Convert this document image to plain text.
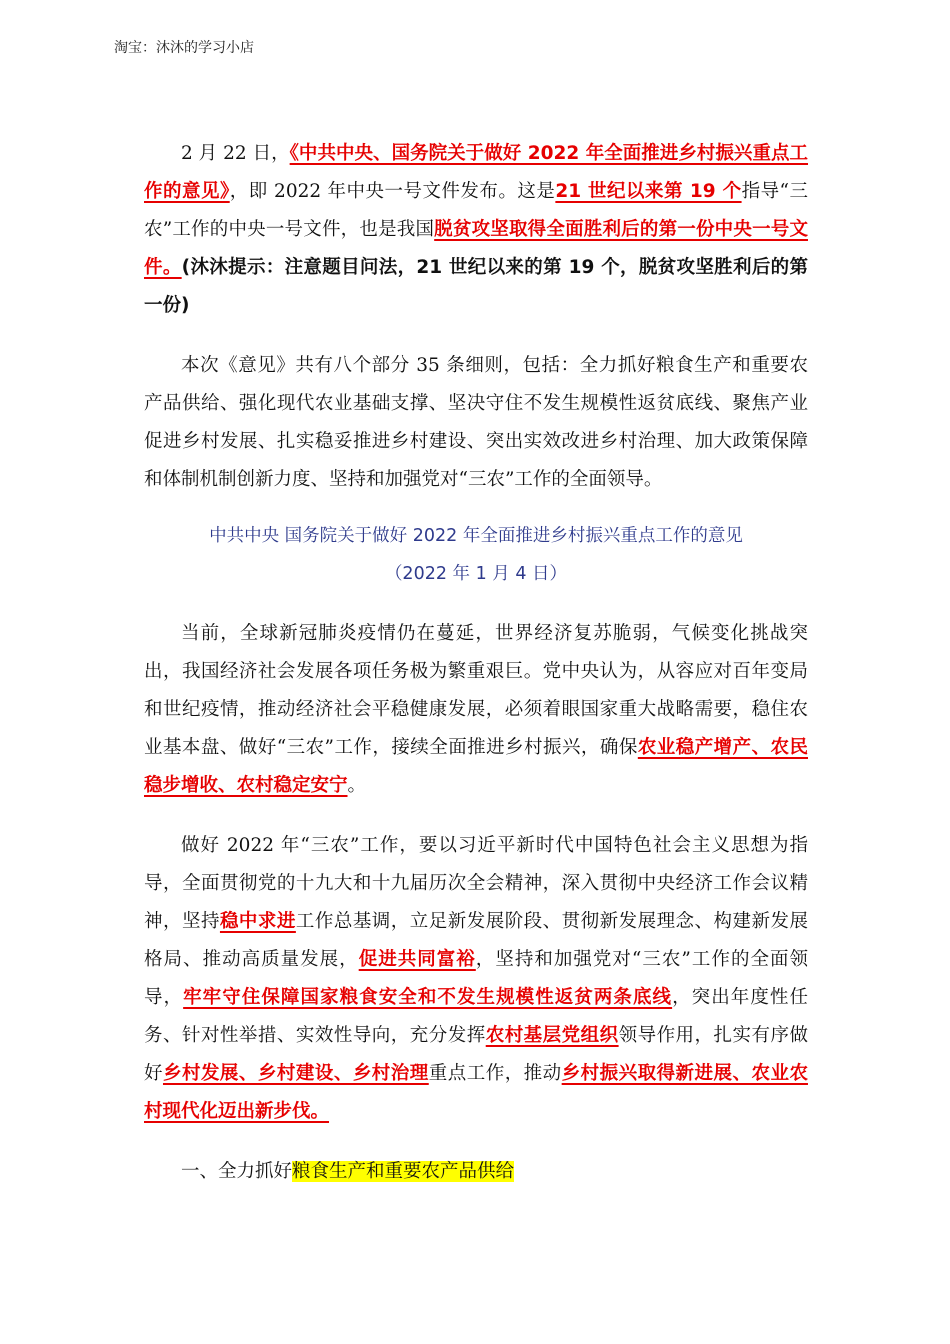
淘宝：沐沐的学习小店

2 月 22 日，《中共中央、国务院关于做好 2022 年全面推进乡村振兴重点工作的意见》，即 2022 年中央一号文件发布。这是21 世纪以来第 19 个指导“三农”工作的中央一号文件，也是我国脱贫攻坚取得全面胜利后的第一份中央一号文件。(沐沐提示：注意题目问法，21 世纪以来的第 19 个，脱贫攻坚胜利后的第一份)

本次《意见》共有八个部分 35 条细则，包括：全力抓好粮食生产和重要农产品供给、强化现代农业基础支撑、坚决守住不发生规模性返贫底线、聚焦产业促进乡村发展、扎实稳妥推进乡村建设、突出实效改进乡村治理、加大政策保障和体制机制创新力度、坚持和加强党对“三农”工作的全面领导。

中共中央 国务院关于做好 2022 年全面推进乡村振兴重点工作的意见

（2022 年 1 月 4 日）

当前，全球新冠肺炎疫情仍在蔓延，世界经济复苏脆弱，气候变化挑战突出，我国经济社会发展各项任务极为繁重艰巨。党中央认为，从容应对百年变局和世纪疫情，推动经济社会平稳健康发展，必须着眼国家重大战略需要，稳住农业基本盘、做好“三农”工作，接续全面推进乡村振兴，确保农业稳产增产、农民稳步增收、农村稳定安宁。

做好 2022 年“三农”工作，要以习近平新时代中国特色社会主义思想为指导，全面贯彻党的十九大和十九届历次全会精神，深入贯彻中央经济工作会议精神，坚持稳中求进工作总基调，立足新发展阶段、贯彻新发展理念、构建新发展格局、推动高质量发展，促进共同富裕，坚持和加强党对“三农”工作的全面领导，牢牢守住保障国家粮食安全和不发生规模性返贫两条底线，突出年度性任务、针对性举措、实效性导向，充分发挥农村基层党组织领导作用，扎实有序做好乡村发展、乡村建设、乡村治理重点工作，推动乡村振兴取得新进展、农业农村现代化迈出新步伐。

一、全力抓好粮食生产和重要农产品供给
